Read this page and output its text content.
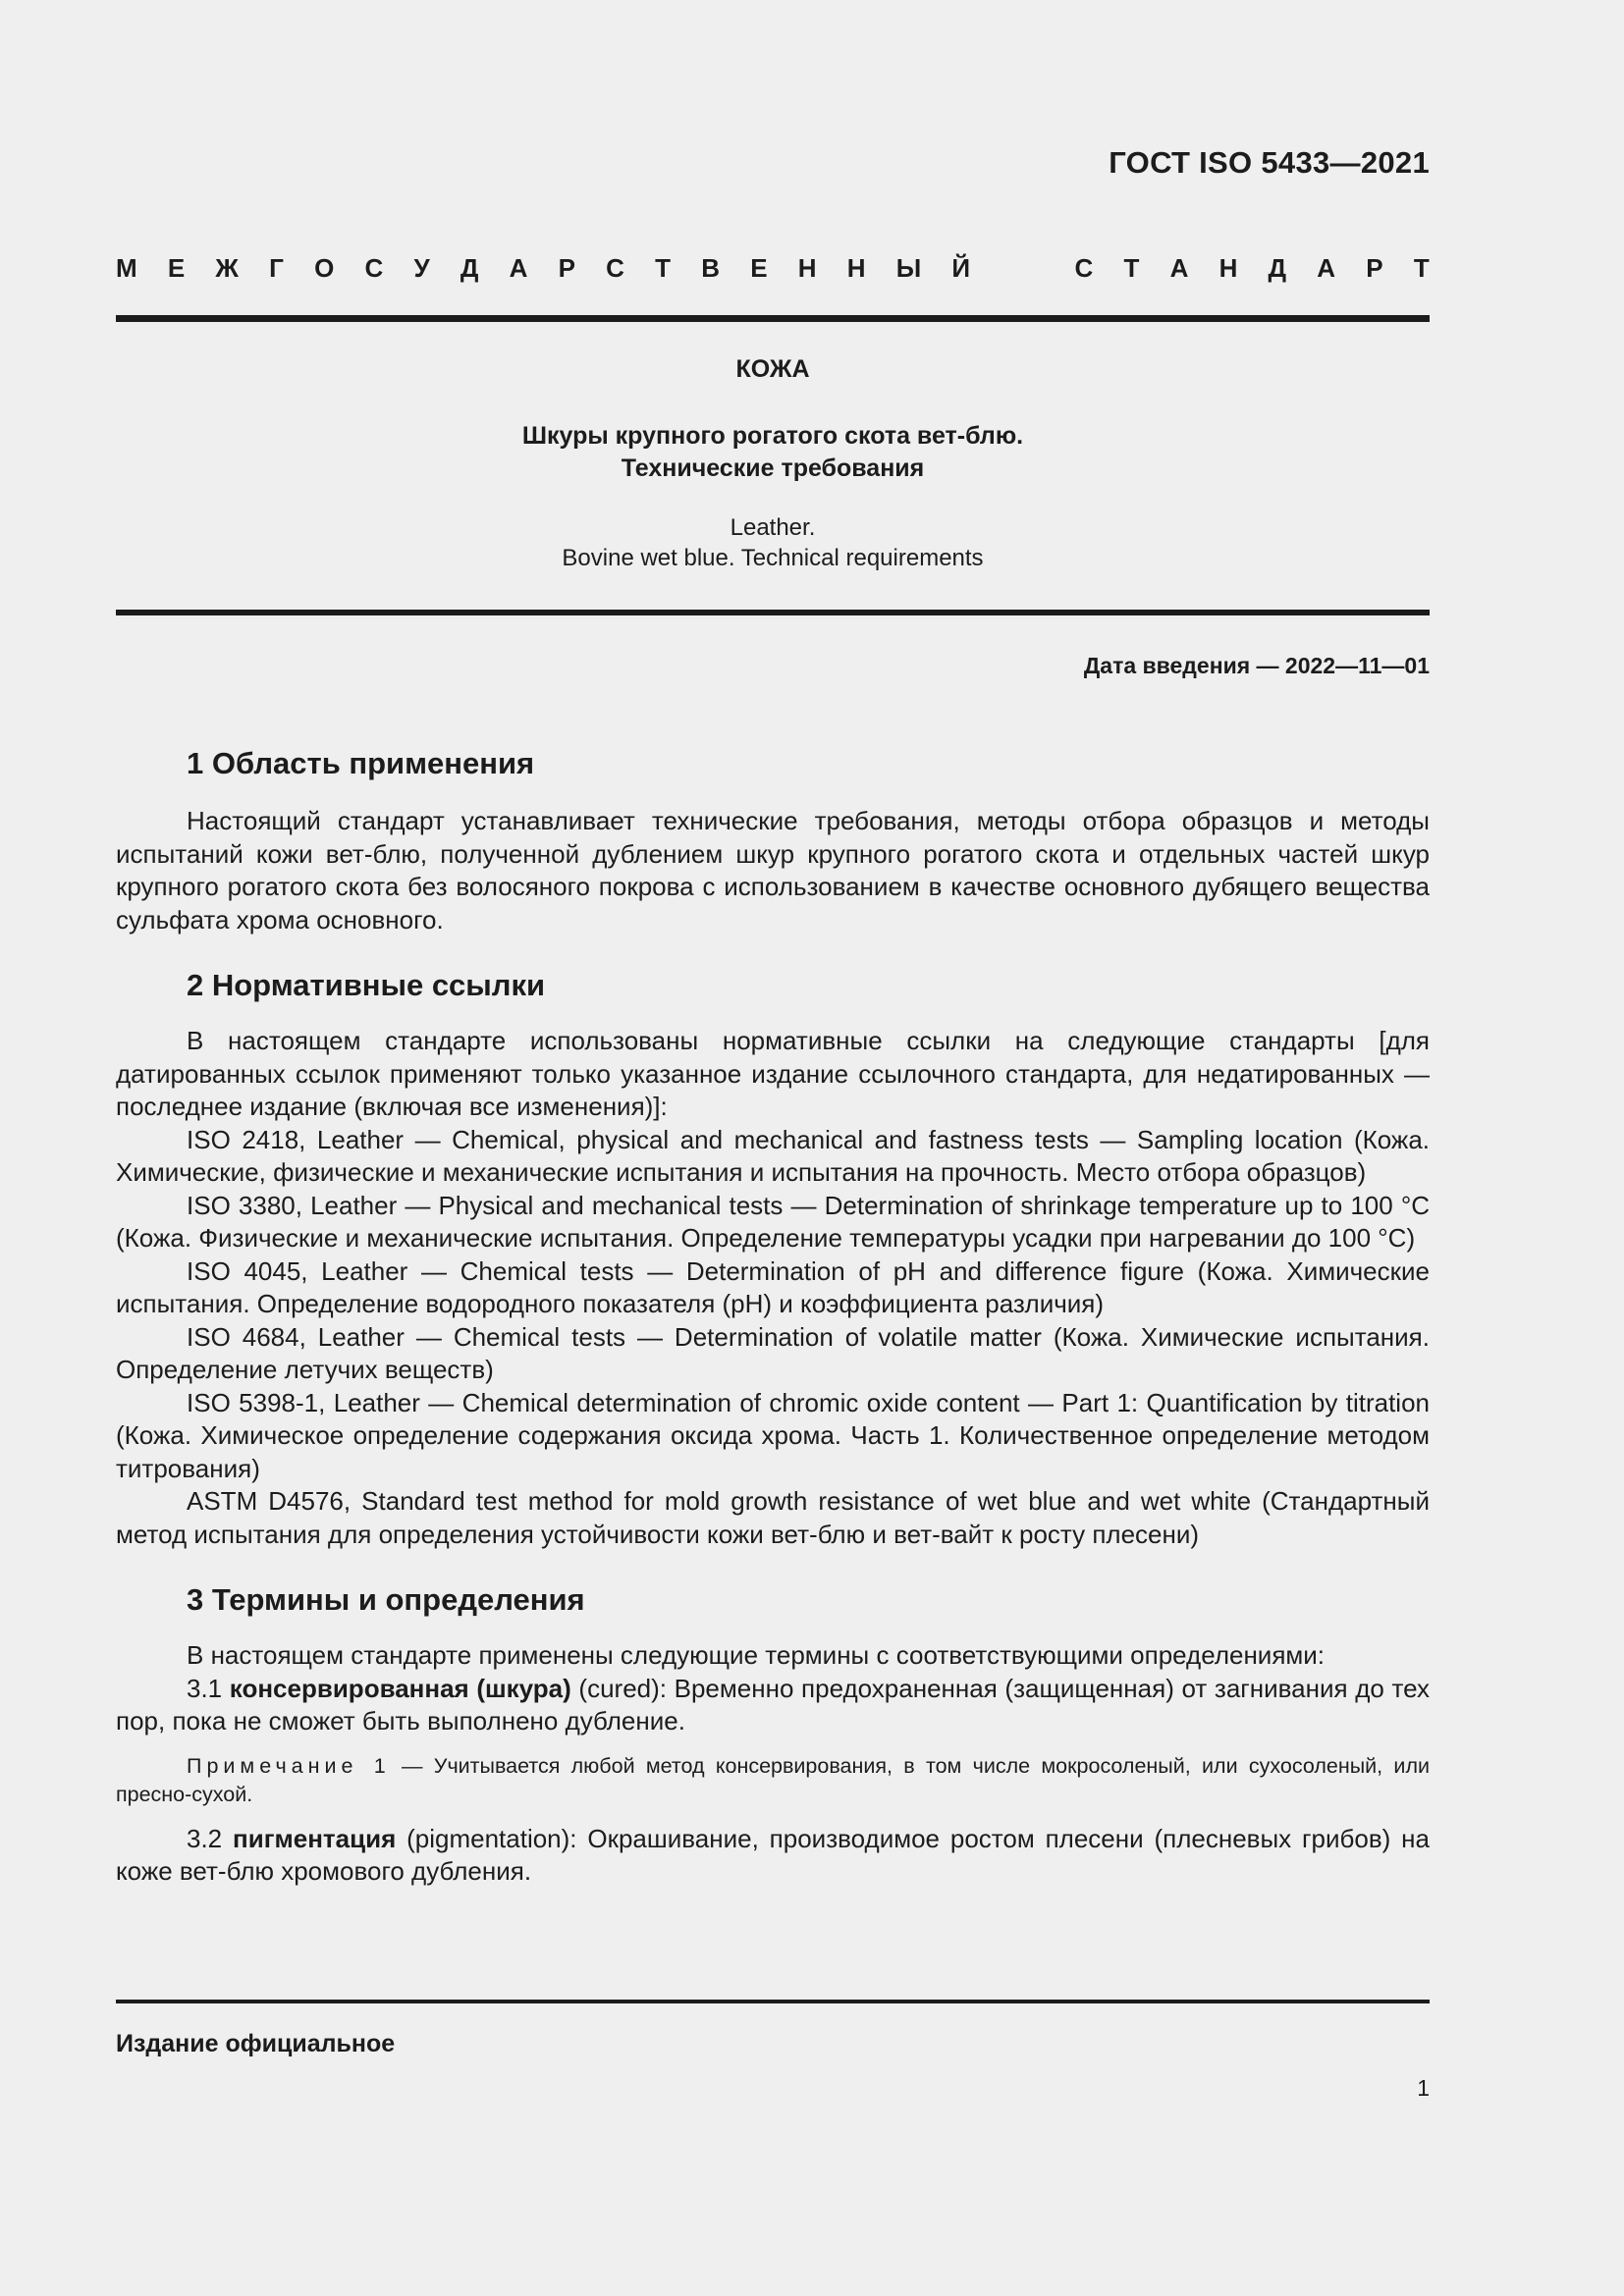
ГОСТ ISO 5433—2021
М Е Ж Г О С У Д А Р С Т В Е Н Н Ы Й	С Т А Н Д А Р Т
КОЖА
Шкуры крупного рогатого скота вет-блю.
Технические требования
Leather.
Bovine wet blue. Technical requirements
Дата введения — 2022—11—01
1 Область применения

Настоящий стандарт устанавливает технические требования, методы отбора образцов и методы испытаний кожи вет-блю, полученной дублением шкур крупного рогатого скота и отдельных частей шкур крупного рогатого скота без волосяного покрова с использованием в качестве основного дубящего вещества сульфата хрома основного.

2 Нормативные ссылки

В настоящем стандарте использованы нормативные ссылки на следующие стандарты [для датированных ссылок применяют только указанное издание ссылочного стандарта, для недатированных — последнее издание (включая все изменения)]:

ISO 2418, Leather — Chemical, physical and mechanical and fastness tests — Sampling location (Кожа. Химические, физические и механические испытания и испытания на прочность. Место отбора образцов)

ISO 3380, Leather — Physical and mechanical tests — Determination of shrinkage temperature up to 100 °C (Кожа. Физические и механические испытания. Определение температуры усадки при нагревании до 100 °C)

ISO 4045, Leather — Chemical tests — Determination of pH and difference figure (Кожа. Химические испытания. Определение водородного показателя (pH) и коэффициента различия)

ISO 4684, Leather — Chemical tests — Determination of volatile matter (Кожа. Химические испытания. Определение летучих веществ)

ISO 5398-1, Leather — Chemical determination of chromic oxide content — Part 1: Quantification by titration (Кожа. Химическое определение содержания оксида хрома. Часть 1. Количественное определение методом титрования)

ASTM D4576, Standard test method for mold growth resistance of wet blue and wet white (Стандартный метод испытания для определения устойчивости кожи вет-блю и вет-вайт к росту плесени)

3 Термины и определения

В настоящем стандарте применены следующие термины с соответствующими определениями:

3.1 консервированная (шкура) (cured): Временно предохраненная (защищенная) от загнивания до тех пор, пока не сможет быть выполнено дубление.

Примечание 1 — Учитывается любой метод консервирования, в том числе мокросоленый, или сухосоленый, или пресно-сухой.

3.2 пигментация (pigmentation): Окрашивание, производимое ростом плесени (плесневых грибов) на коже вет-блю хромового дубления.

Издание официальное
1
